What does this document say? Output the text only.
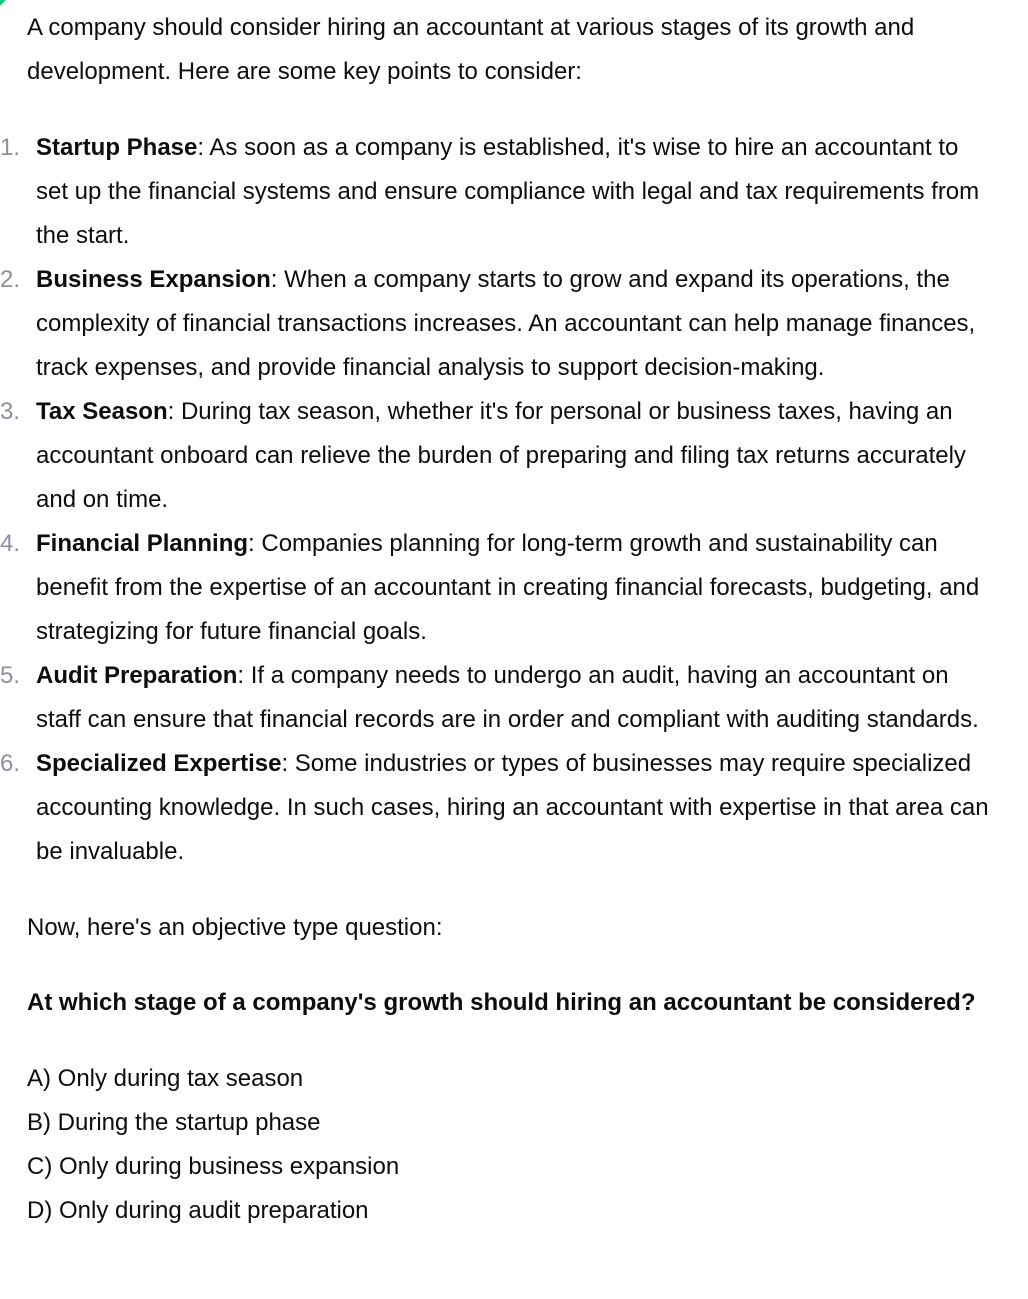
A company should consider hiring an accountant at various stages of its growth and development. Here are some key points to consider:

1. Startup Phase: As soon as a company is established, it's wise to hire an accountant to set up the financial systems and ensure compliance with legal and tax requirements from the start.
2. Business Expansion: When a company starts to grow and expand its operations, the complexity of financial transactions increases. An accountant can help manage finances, track expenses, and provide financial analysis to support decision-making.
3. Tax Season: During tax season, whether it's for personal or business taxes, having an accountant onboard can relieve the burden of preparing and filing tax returns accurately and on time.
4. Financial Planning: Companies planning for long-term growth and sustainability can benefit from the expertise of an accountant in creating financial forecasts, budgeting, and strategizing for future financial goals.
5. Audit Preparation: If a company needs to undergo an audit, having an accountant on staff can ensure that financial records are in order and compliant with auditing standards.
6. Specialized Expertise: Some industries or types of businesses may require specialized accounting knowledge. In such cases, hiring an accountant with expertise in that area can be invaluable.

Now, here's an objective type question:

At which stage of a company's growth should hiring an accountant be considered?

A) Only during tax season
B) During the startup phase
C) Only during business expansion
D) Only during audit preparation
